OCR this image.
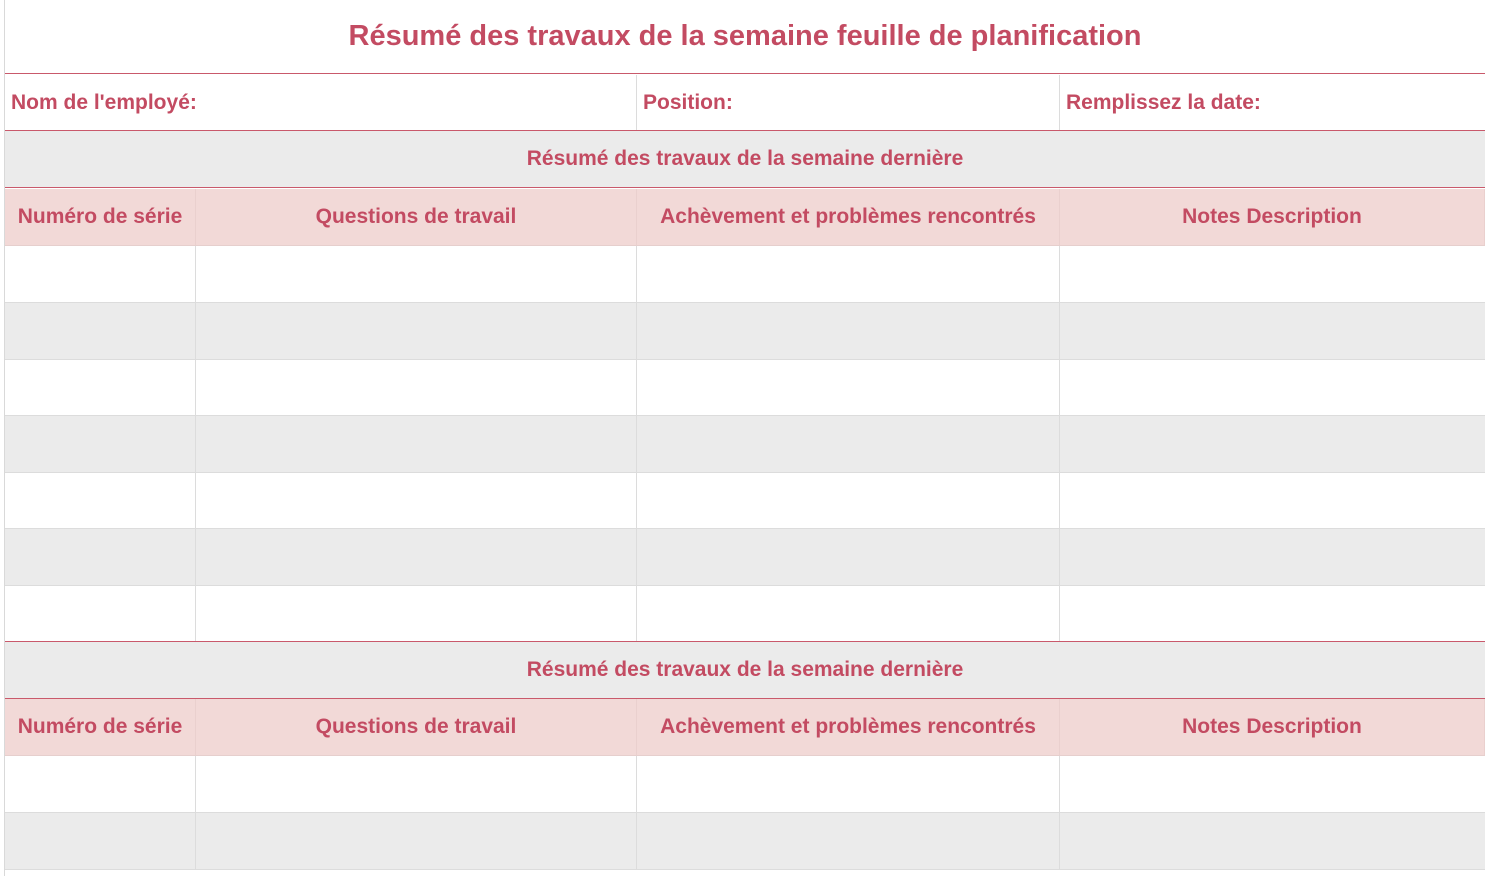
Résumé des travaux de la semaine feuille de planification
Nom de l'employé:	Position:	Remplissez la date:
Résumé des travaux de la semaine dernière
Numéro de série	Questions de travail	Achèvement et problèmes rencontrés	Notes Description
Résumé des travaux de la semaine dernière
Numéro de série	Questions de travail	Achèvement et problèmes rencontrés	Notes Description
